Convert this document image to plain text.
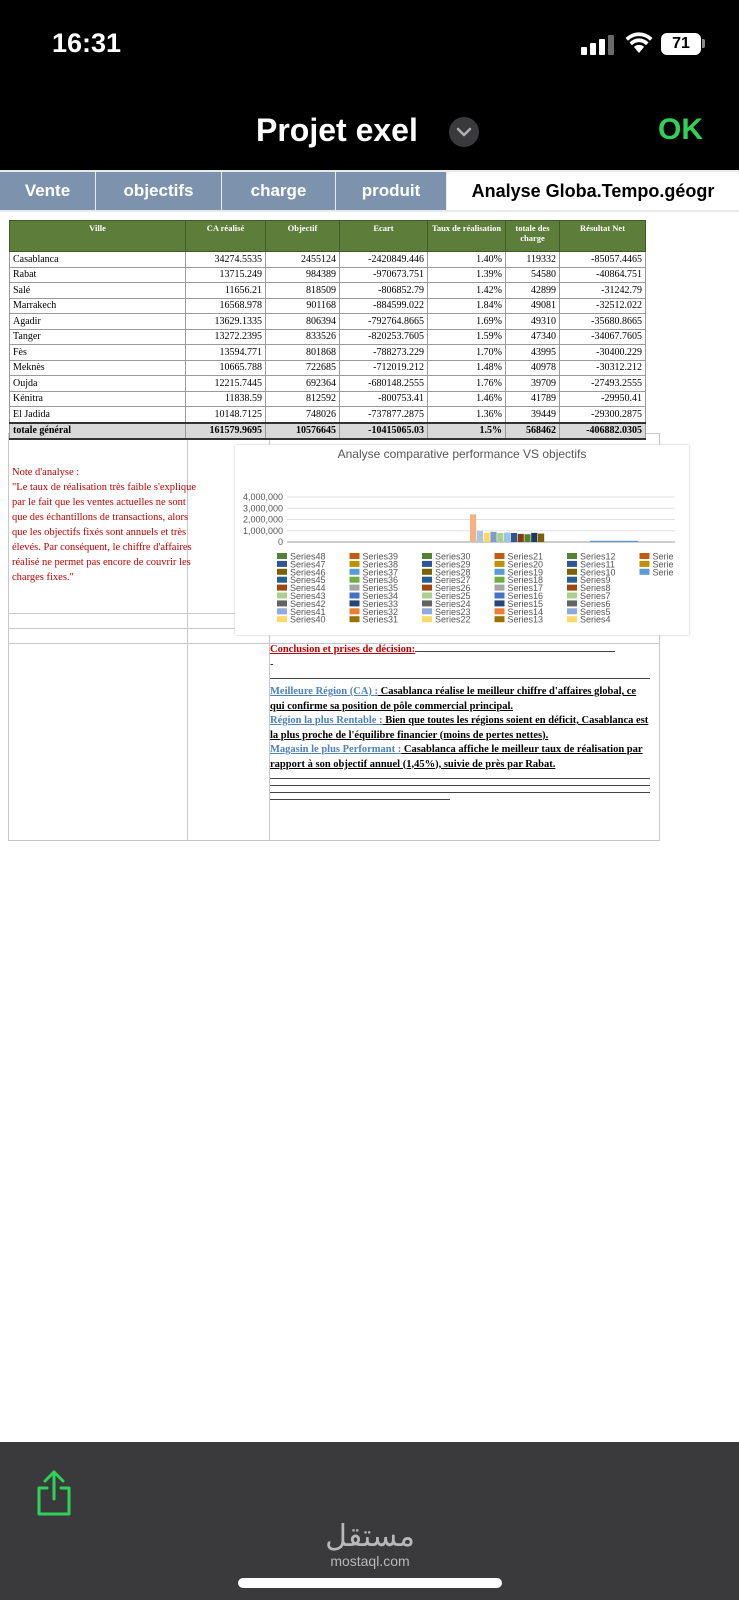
16:31	71
Projet exel	OK
Vente	objectifs	charge	produit	Analyse Globa.Tempo.géogr
Ville	CA réalisé	Objectif	Ecart	Taux de réalisation	totale des charge	Résultat Net
Casablanca	34274.5535	2455124	-2420849.446	1.40%	119332	-85057.4465
Rabat	13715.249	984389	-970673.751	1.39%	54580	-40864.751
Salé	11656.21	818509	-806852.79	1.42%	42899	-31242.79
Marrakech	16568.978	901168	-884599.022	1.84%	49081	-32512.022
Agadir	13629.1335	806394	-792764.8665	1.69%	49310	-35680.8665
Tanger	13272.2395	833526	-820253.7605	1.59%	47340	-34067.7605
Fès	13594.771	801868	-788273.229	1.70%	43995	-30400.229
Meknès	10665.788	722685	-712019.212	1.48%	40978	-30312.212
Oujda	12215.7445	692364	-680148.2555	1.76%	39709	-27493.2555
Kénitra	11838.59	812592	-800753.41	1.46%	41789	-29950.41
El Jadida	10148.7125	748026	-737877.2875	1.36%	39449	-29300.2875
totale général	161579.9695	10576645	-10415065.03	1.5%	568462	-406882.0305
Note d'analyse :
"Le taux de réalisation très faible s'explique par le fait que les ventes actuelles ne sont que des échantillons de transactions, alors que les objectifs fixés sont annuels et très élevés. Par conséquent, le chiffre d'affaires réalisé ne permet pas encore de couvrir les charges fixes."
Analyse comparative performance VS objectifs
4,000,000
3,000,000
2,000,000
1,000,000
0
Series48
Series47
Series46
Series45
Series44
Series43
Series42
Series41
Series40
Series39
Series38
Series37
Series36
Series35
Series34
Series33
Series32
Series31
Series30
Series29
Series28
Series27
Series26
Series25
Series24
Series23
Series22
Series21
Series20
Series19
Series18
Series17
Series16
Series15
Series14
Series13
Series12
Series11
Series10
Series9
Series8
Series7
Series6
Series5
Series4
Serie
Serie
Serie
Conclusion et prises de décision:
-
Meilleure Région (CA) : Casablanca réalise le meilleur chiffre d'affaires global, ce qui confirme sa position de pôle commercial principal.
Région la plus Rentable : Bien que toutes les régions soient en déficit, Casablanca est la plus proche de l'équilibre financier (moins de pertes nettes).
Magasin le plus Performant : Casablanca affiche le meilleur taux de réalisation par rapport à son objectif annuel (1,45%), suivie de près par Rabat.
مستقل
mostaql.com
